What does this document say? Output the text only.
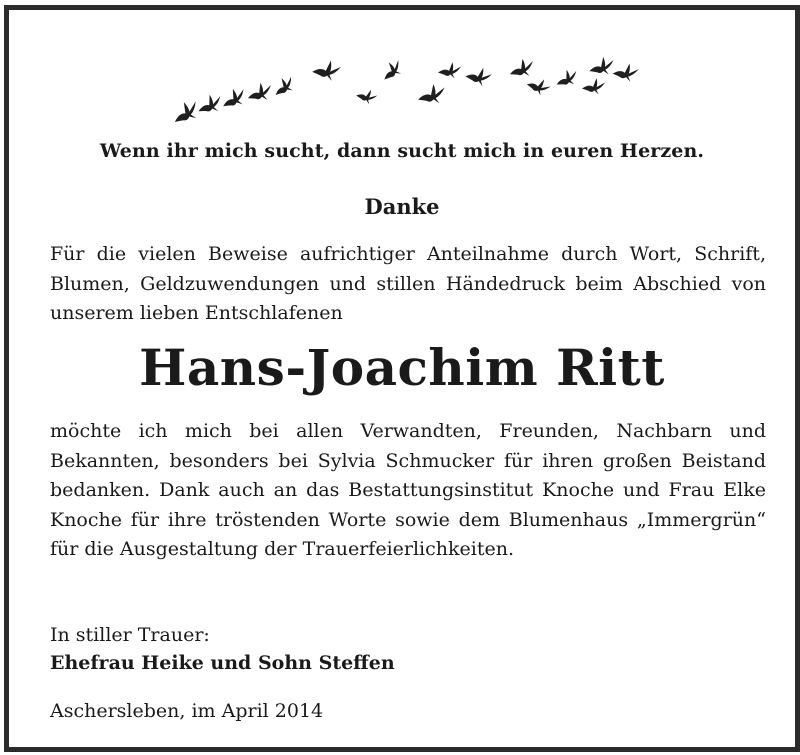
Wenn ihr mich sucht, dann sucht mich in euren Herzen.
Danke
Für die vielen Beweise aufrichtiger Anteilnahme durch Wort, Schrift, Blumen, Geldzuwendungen und stillen Händedruck beim Abschied von unserem lieben Entschlafenen
Hans-Joachim Ritt
möchte ich mich bei allen Verwandten, Freunden, Nachbarn und Bekannten, besonders bei Sylvia Schmucker für ihren großen Beistand bedanken. Dank auch an das Bestattungsinstitut Knoche und Frau Elke Knoche für ihre tröstenden Worte sowie dem Blumenhaus „Immergrün“ für die Ausgestaltung der Trauerfeierlichkeiten.
In stiller Trauer:
Ehefrau Heike und Sohn Steffen
Aschersleben, im April 2014
